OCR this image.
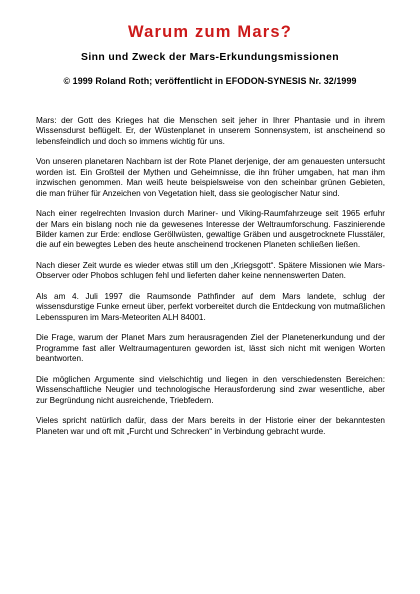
Warum zum Mars?
Sinn und Zweck der Mars-Erkundungsmissionen
© 1999 Roland Roth; veröffentlicht in EFODON-SYNESIS Nr. 32/1999

Mars: der Gott des Krieges hat die Menschen seit jeher in Ihrer Phantasie und in ihrem Wissensdurst beflügelt. Er, der Wüstenplanet in unserem Sonnensystem, ist anscheinend so lebensfeindlich und doch so immens wichtig für uns.

Von unseren planetaren Nachbarn ist der Rote Planet derjenige, der am genauesten untersucht worden ist. Ein Großteil der Mythen und Geheimnisse, die ihn früher umgaben, hat man ihm inzwischen genommen. Man weiß heute beispielsweise von den scheinbar grünen Gebieten, die man früher für Anzeichen von Vegetation hielt, dass sie geologischer Natur sind.

Nach einer regelrechten Invasion durch Mariner- und Viking-Raumfahrzeuge seit 1965 erfuhr der Mars ein bislang noch nie da gewesenes Interesse der Weltraumforschung. Faszinierende Bilder kamen zur Erde: endlose Geröllwüsten, gewaltige Gräben und ausgetrocknete Flusstäler, die auf ein bewegtes Leben des heute anscheinend trockenen Planeten schließen ließen.

Nach dieser Zeit wurde es wieder etwas still um den „Kriegsgott“. Spätere Missionen wie Mars-Observer oder Phobos schlugen fehl und lieferten daher keine nennenswerten Daten.

Als am 4. Juli 1997 die Raumsonde Pathfinder auf dem Mars landete, schlug der wissensdurstige Funke erneut über, perfekt vorbereitet durch die Entdeckung von mutmaßlichen Lebensspuren im Mars-Meteoriten ALH 84001.

Die Frage, warum der Planet Mars zum herausragenden Ziel der Planetenerkundung und der Programme fast aller Weltraumagenturen geworden ist, lässt sich nicht mit wenigen Worten beantworten.

Die möglichen Argumente sind vielschichtig und liegen in den verschiedensten Bereichen: Wissenschaftliche Neugier und technologische Herausforderung sind zwar wesentliche, aber zur Begründung nicht ausreichende, Triebfedern.

Vieles spricht natürlich dafür, dass der Mars bereits in der Historie einer der bekanntesten Planeten war und oft mit „Furcht und Schrecken“ in Verbindung gebracht wurde.
